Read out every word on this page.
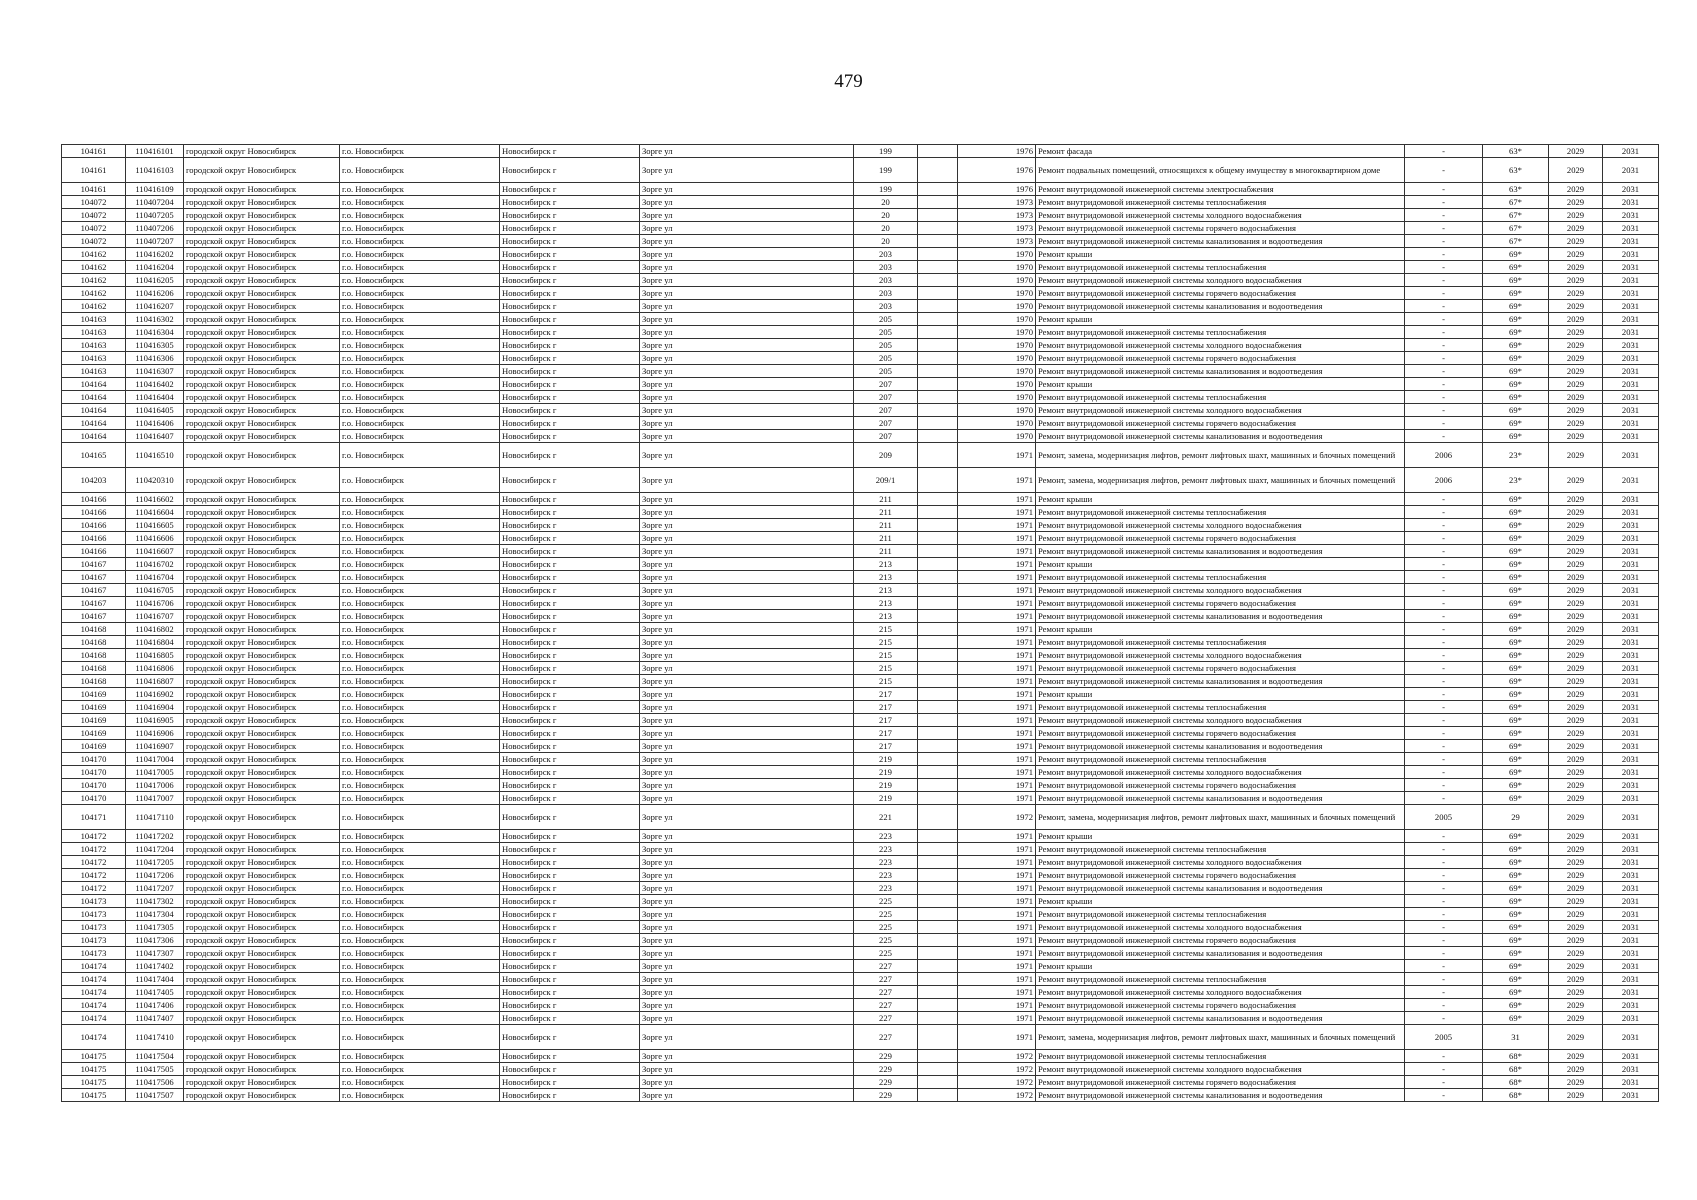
479
104161	110416101	городской округ Новосибирск	г.о. Новосибирск	Новосибирск г	Зорге ул	199		1976	Ремонт фасада	-	63*	2029	2031
104161	110416103	городской округ Новосибирск	г.о. Новосибирск	Новосибирск г	Зорге ул	199		1976	Ремонт подвальных помещений, относящихся к общему имуществу в многоквартирном доме	-	63*	2029	2031
104161	110416109	городской округ Новосибирск	г.о. Новосибирск	Новосибирск г	Зорге ул	199		1976	Ремонт внутридомовой инженерной системы электроснабжения	-	63*	2029	2031
104072	110407204	городской округ Новосибирск	г.о. Новосибирск	Новосибирск г	Зорге ул	20		1973	Ремонт внутридомовой инженерной системы теплоснабжения	-	67*	2029	2031
104072	110407205	городской округ Новосибирск	г.о. Новосибирск	Новосибирск г	Зорге ул	20		1973	Ремонт внутридомовой инженерной системы холодного водоснабжения	-	67*	2029	2031
104072	110407206	городской округ Новосибирск	г.о. Новосибирск	Новосибирск г	Зорге ул	20		1973	Ремонт внутридомовой инженерной системы горячего водоснабжения	-	67*	2029	2031
104072	110407207	городской округ Новосибирск	г.о. Новосибирск	Новосибирск г	Зорге ул	20		1973	Ремонт внутридомовой инженерной системы канализования и водоотведения	-	67*	2029	2031
104162	110416202	городской округ Новосибирск	г.о. Новосибирск	Новосибирск г	Зорге ул	203		1970	Ремонт крыши	-	69*	2029	2031
104162	110416204	городской округ Новосибирск	г.о. Новосибирск	Новосибирск г	Зорге ул	203		1970	Ремонт внутридомовой инженерной системы теплоснабжения	-	69*	2029	2031
104162	110416205	городской округ Новосибирск	г.о. Новосибирск	Новосибирск г	Зорге ул	203		1970	Ремонт внутридомовой инженерной системы холодного водоснабжения	-	69*	2029	2031
104162	110416206	городской округ Новосибирск	г.о. Новосибирск	Новосибирск г	Зорге ул	203		1970	Ремонт внутридомовой инженерной системы горячего водоснабжения	-	69*	2029	2031
104162	110416207	городской округ Новосибирск	г.о. Новосибирск	Новосибирск г	Зорге ул	203		1970	Ремонт внутридомовой инженерной системы канализования и водоотведения	-	69*	2029	2031
104163	110416302	городской округ Новосибирск	г.о. Новосибирск	Новосибирск г	Зорге ул	205		1970	Ремонт крыши	-	69*	2029	2031
104163	110416304	городской округ Новосибирск	г.о. Новосибирск	Новосибирск г	Зорге ул	205		1970	Ремонт внутридомовой инженерной системы теплоснабжения	-	69*	2029	2031
104163	110416305	городской округ Новосибирск	г.о. Новосибирск	Новосибирск г	Зорге ул	205		1970	Ремонт внутридомовой инженерной системы холодного водоснабжения	-	69*	2029	2031
104163	110416306	городской округ Новосибирск	г.о. Новосибирск	Новосибирск г	Зорге ул	205		1970	Ремонт внутридомовой инженерной системы горячего водоснабжения	-	69*	2029	2031
104163	110416307	городской округ Новосибирск	г.о. Новосибирск	Новосибирск г	Зорге ул	205		1970	Ремонт внутридомовой инженерной системы канализования и водоотведения	-	69*	2029	2031
104164	110416402	городской округ Новосибирск	г.о. Новосибирск	Новосибирск г	Зорге ул	207		1970	Ремонт крыши	-	69*	2029	2031
104164	110416404	городской округ Новосибирск	г.о. Новосибирск	Новосибирск г	Зорге ул	207		1970	Ремонт внутридомовой инженерной системы теплоснабжения	-	69*	2029	2031
104164	110416405	городской округ Новосибирск	г.о. Новосибирск	Новосибирск г	Зорге ул	207		1970	Ремонт внутридомовой инженерной системы холодного водоснабжения	-	69*	2029	2031
104164	110416406	городской округ Новосибирск	г.о. Новосибирск	Новосибирск г	Зорге ул	207		1970	Ремонт внутридомовой инженерной системы горячего водоснабжения	-	69*	2029	2031
104164	110416407	городской округ Новосибирск	г.о. Новосибирск	Новосибирск г	Зорге ул	207		1970	Ремонт внутридомовой инженерной системы канализования и водоотведения	-	69*	2029	2031
104165	110416510	городской округ Новосибирск	г.о. Новосибирск	Новосибирск г	Зорге ул	209		1971	Ремонт, замена, модернизация лифтов, ремонт лифтовых шахт, машинных и блочных помещений	2006	23*	2029	2031
104203	110420310	городской округ Новосибирск	г.о. Новосибирск	Новосибирск г	Зорге ул	209/1		1971	Ремонт, замена, модернизация лифтов, ремонт лифтовых шахт, машинных и блочных помещений	2006	23*	2029	2031
104166	110416602	городской округ Новосибирск	г.о. Новосибирск	Новосибирск г	Зорге ул	211		1971	Ремонт крыши	-	69*	2029	2031
104166	110416604	городской округ Новосибирск	г.о. Новосибирск	Новосибирск г	Зорге ул	211		1971	Ремонт внутридомовой инженерной системы теплоснабжения	-	69*	2029	2031
104166	110416605	городской округ Новосибирск	г.о. Новосибирск	Новосибирск г	Зорге ул	211		1971	Ремонт внутридомовой инженерной системы холодного водоснабжения	-	69*	2029	2031
104166	110416606	городской округ Новосибирск	г.о. Новосибирск	Новосибирск г	Зорге ул	211		1971	Ремонт внутридомовой инженерной системы горячего водоснабжения	-	69*	2029	2031
104166	110416607	городской округ Новосибирск	г.о. Новосибирск	Новосибирск г	Зорге ул	211		1971	Ремонт внутридомовой инженерной системы канализования и водоотведения	-	69*	2029	2031
104167	110416702	городской округ Новосибирск	г.о. Новосибирск	Новосибирск г	Зорге ул	213		1971	Ремонт крыши	-	69*	2029	2031
104167	110416704	городской округ Новосибирск	г.о. Новосибирск	Новосибирск г	Зорге ул	213		1971	Ремонт внутридомовой инженерной системы теплоснабжения	-	69*	2029	2031
104167	110416705	городской округ Новосибирск	г.о. Новосибирск	Новосибирск г	Зорге ул	213		1971	Ремонт внутридомовой инженерной системы холодного водоснабжения	-	69*	2029	2031
104167	110416706	городской округ Новосибирск	г.о. Новосибирск	Новосибирск г	Зорге ул	213		1971	Ремонт внутридомовой инженерной системы горячего водоснабжения	-	69*	2029	2031
104167	110416707	городской округ Новосибирск	г.о. Новосибирск	Новосибирск г	Зорге ул	213		1971	Ремонт внутридомовой инженерной системы канализования и водоотведения	-	69*	2029	2031
104168	110416802	городской округ Новосибирск	г.о. Новосибирск	Новосибирск г	Зорге ул	215		1971	Ремонт крыши	-	69*	2029	2031
104168	110416804	городской округ Новосибирск	г.о. Новосибирск	Новосибирск г	Зорге ул	215		1971	Ремонт внутридомовой инженерной системы теплоснабжения	-	69*	2029	2031
104168	110416805	городской округ Новосибирск	г.о. Новосибирск	Новосибирск г	Зорге ул	215		1971	Ремонт внутридомовой инженерной системы холодного водоснабжения	-	69*	2029	2031
104168	110416806	городской округ Новосибирск	г.о. Новосибирск	Новосибирск г	Зорге ул	215		1971	Ремонт внутридомовой инженерной системы горячего водоснабжения	-	69*	2029	2031
104168	110416807	городской округ Новосибирск	г.о. Новосибирск	Новосибирск г	Зорге ул	215		1971	Ремонт внутридомовой инженерной системы канализования и водоотведения	-	69*	2029	2031
104169	110416902	городской округ Новосибирск	г.о. Новосибирск	Новосибирск г	Зорге ул	217		1971	Ремонт крыши	-	69*	2029	2031
104169	110416904	городской округ Новосибирск	г.о. Новосибирск	Новосибирск г	Зорге ул	217		1971	Ремонт внутридомовой инженерной системы теплоснабжения	-	69*	2029	2031
104169	110416905	городской округ Новосибирск	г.о. Новосибирск	Новосибирск г	Зорге ул	217		1971	Ремонт внутридомовой инженерной системы холодного водоснабжения	-	69*	2029	2031
104169	110416906	городской округ Новосибирск	г.о. Новосибирск	Новосибирск г	Зорге ул	217		1971	Ремонт внутридомовой инженерной системы горячего водоснабжения	-	69*	2029	2031
104169	110416907	городской округ Новосибирск	г.о. Новосибирск	Новосибирск г	Зорге ул	217		1971	Ремонт внутридомовой инженерной системы канализования и водоотведения	-	69*	2029	2031
104170	110417004	городской округ Новосибирск	г.о. Новосибирск	Новосибирск г	Зорге ул	219		1971	Ремонт внутридомовой инженерной системы теплоснабжения	-	69*	2029	2031
104170	110417005	городской округ Новосибирск	г.о. Новосибирск	Новосибирск г	Зорге ул	219		1971	Ремонт внутридомовой инженерной системы холодного водоснабжения	-	69*	2029	2031
104170	110417006	городской округ Новосибирск	г.о. Новосибирск	Новосибирск г	Зорге ул	219		1971	Ремонт внутридомовой инженерной системы горячего водоснабжения	-	69*	2029	2031
104170	110417007	городской округ Новосибирск	г.о. Новосибирск	Новосибирск г	Зорге ул	219		1971	Ремонт внутридомовой инженерной системы канализования и водоотведения	-	69*	2029	2031
104171	110417110	городской округ Новосибирск	г.о. Новосибирск	Новосибирск г	Зорге ул	221		1972	Ремонт, замена, модернизация лифтов, ремонт лифтовых шахт, машинных и блочных помещений	2005	29	2029	2031
104172	110417202	городской округ Новосибирск	г.о. Новосибирск	Новосибирск г	Зорге ул	223		1971	Ремонт крыши	-	69*	2029	2031
104172	110417204	городской округ Новосибирск	г.о. Новосибирск	Новосибирск г	Зорге ул	223		1971	Ремонт внутридомовой инженерной системы теплоснабжения	-	69*	2029	2031
104172	110417205	городской округ Новосибирск	г.о. Новосибирск	Новосибирск г	Зорге ул	223		1971	Ремонт внутридомовой инженерной системы холодного водоснабжения	-	69*	2029	2031
104172	110417206	городской округ Новосибирск	г.о. Новосибирск	Новосибирск г	Зорге ул	223		1971	Ремонт внутридомовой инженерной системы горячего водоснабжения	-	69*	2029	2031
104172	110417207	городской округ Новосибирск	г.о. Новосибирск	Новосибирск г	Зорге ул	223		1971	Ремонт внутридомовой инженерной системы канализования и водоотведения	-	69*	2029	2031
104173	110417302	городской округ Новосибирск	г.о. Новосибирск	Новосибирск г	Зорге ул	225		1971	Ремонт крыши	-	69*	2029	2031
104173	110417304	городской округ Новосибирск	г.о. Новосибирск	Новосибирск г	Зорге ул	225		1971	Ремонт внутридомовой инженерной системы теплоснабжения	-	69*	2029	2031
104173	110417305	городской округ Новосибирск	г.о. Новосибирск	Новосибирск г	Зорге ул	225		1971	Ремонт внутридомовой инженерной системы холодного водоснабжения	-	69*	2029	2031
104173	110417306	городской округ Новосибирск	г.о. Новосибирск	Новосибирск г	Зорге ул	225		1971	Ремонт внутридомовой инженерной системы горячего водоснабжения	-	69*	2029	2031
104173	110417307	городской округ Новосибирск	г.о. Новосибирск	Новосибирск г	Зорге ул	225		1971	Ремонт внутридомовой инженерной системы канализования и водоотведения	-	69*	2029	2031
104174	110417402	городской округ Новосибирск	г.о. Новосибирск	Новосибирск г	Зорге ул	227		1971	Ремонт крыши	-	69*	2029	2031
104174	110417404	городской округ Новосибирск	г.о. Новосибирск	Новосибирск г	Зорге ул	227		1971	Ремонт внутридомовой инженерной системы теплоснабжения	-	69*	2029	2031
104174	110417405	городской округ Новосибирск	г.о. Новосибирск	Новосибирск г	Зорге ул	227		1971	Ремонт внутридомовой инженерной системы холодного водоснабжения	-	69*	2029	2031
104174	110417406	городской округ Новосибирск	г.о. Новосибирск	Новосибирск г	Зорге ул	227		1971	Ремонт внутридомовой инженерной системы горячего водоснабжения	-	69*	2029	2031
104174	110417407	городской округ Новосибирск	г.о. Новосибирск	Новосибирск г	Зорге ул	227		1971	Ремонт внутридомовой инженерной системы канализования и водоотведения	-	69*	2029	2031
104174	110417410	городской округ Новосибирск	г.о. Новосибирск	Новосибирск г	Зорге ул	227		1971	Ремонт, замена, модернизация лифтов, ремонт лифтовых шахт, машинных и блочных помещений	2005	31	2029	2031
104175	110417504	городской округ Новосибирск	г.о. Новосибирск	Новосибирск г	Зорге ул	229		1972	Ремонт внутридомовой инженерной системы теплоснабжения	-	68*	2029	2031
104175	110417505	городской округ Новосибирск	г.о. Новосибирск	Новосибирск г	Зорге ул	229		1972	Ремонт внутридомовой инженерной системы холодного водоснабжения	-	68*	2029	2031
104175	110417506	городской округ Новосибирск	г.о. Новосибирск	Новосибирск г	Зорге ул	229		1972	Ремонт внутридомовой инженерной системы горячего водоснабжения	-	68*	2029	2031
104175	110417507	городской округ Новосибирск	г.о. Новосибирск	Новосибирск г	Зорге ул	229		1972	Ремонт внутридомовой инженерной системы канализования и водоотведения	-	68*	2029	2031
